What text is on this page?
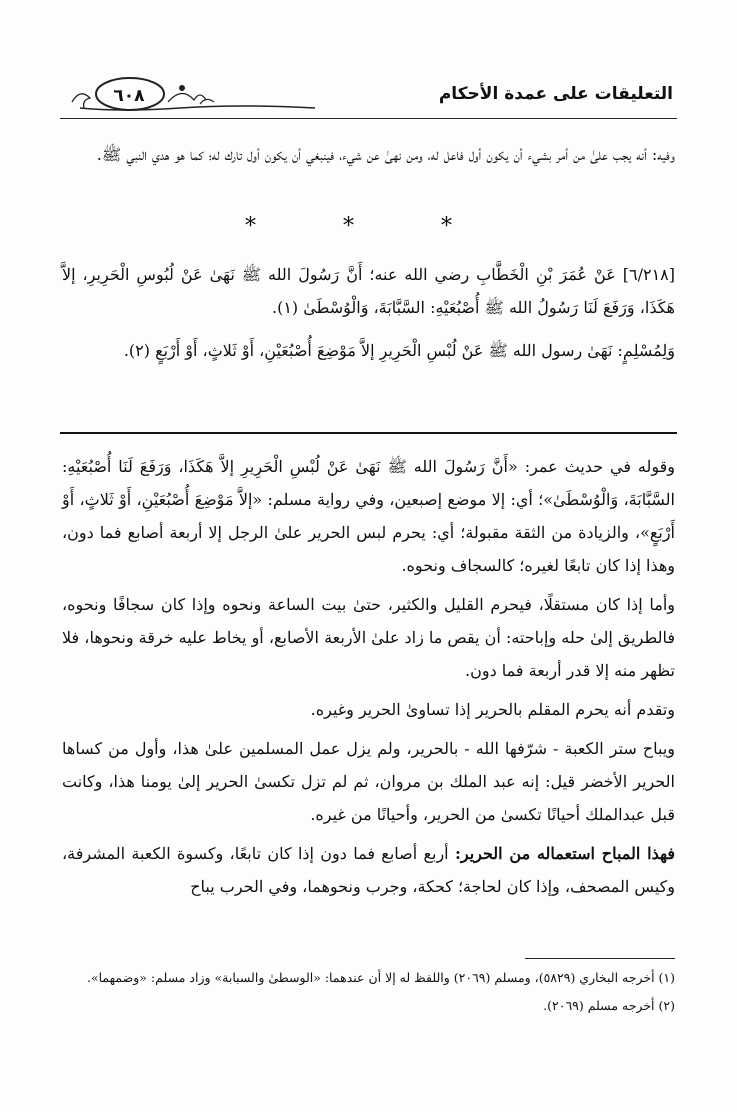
٦٠٨	التعليقات على عمدة الأحكام

وفيه: أنه يجب علىٰ من أمر بشيء أن يكون أول فاعل له، ومن نهىٰ عن شيء، فينبغي أن يكون أول تارك له؛ كما هو هدي النبي ﷺ.

* * *

[٦/٢١٨] عَنْ عُمَرَ بْنِ الْخَطَّابِ رضي الله عنه؛ أَنَّ رَسُولَ الله ﷺ نَهَىٰ عَنْ لُبُوسِ الْحَرِيرِ، إلاَّ هَكَذَا، وَرَفَعَ لَنَا رَسُولُ الله ﷺ أُصْبُعَيْهِ: السَّبَّابَةَ، وَالْوُسْطَىٰ (١).

وَلِمُسْلِمٍ: نَهَىٰ رسول الله ﷺ عَنْ لُبْسِ الْحَرِيرِ إلاَّ مَوْضِعَ أُصْبُعَيْنِ، أَوْ ثَلاثٍ، أَوْ أَرْبَعٍ (٢).

وقوله في حديث عمر: «أَنَّ رَسُولَ الله ﷺ نَهَىٰ عَنْ لُبْسِ الْحَرِيرِ إلاَّ هَكَذَا، وَرَفَعَ لَنَا أُصْبُعَيْهِ: السَّبَّابَةَ، وَالْوُسْطَىٰ»؛ أي: إلا موضع إصبعين، وفي رواية مسلم: «إلاَّ مَوْضِعَ أُصْبُعَيْنِ، أَوْ ثَلاثٍ، أَوْ أَرْبَعٍ»، والزيادة من الثقة مقبولة؛ أي: يحرم لبس الحرير علىٰ الرجل إلا أربعة أصابع فما دون، وهذا إذا كان تابعًا لغيره؛ كالسجاف ونحوه.

وأما إذا كان مستقلًا، فيحرم القليل والكثير، حتىٰ بيت الساعة ونحوه وإذا كان سجافًا ونحوه، فالطريق إلىٰ حله وإباحته: أن يقص ما زاد علىٰ الأربعة الأصابع، أو يخاط عليه خرقة ونحوها، فلا تظهر منه إلا قدر أربعة فما دون.

وتقدم أنه يحرم المقلم بالحرير إذا تساوىٰ الحرير وغيره.

ويباح ستر الكعبة - شرّفها الله - بالحرير، ولم يزل عمل المسلمين علىٰ هذا، وأول من كساها الحرير الأخضر قيل: إنه عبد الملك بن مروان، ثم لم تزل تكسىٰ الحرير إلىٰ يومنا هذا، وكانت قبل عبدالملك أحيانًا تكسىٰ من الحرير، وأحيانًا من غيره.

فهذا المباح استعماله من الحرير: أربع أصابع فما دون إذا كان تابعًا، وكسوة الكعبة المشرفة، وكيس المصحف، وإذا كان لحاجة؛ كحكة، وجرب ونحوهما، وفي الحرب يباح

(١) أخرجه البخاري (٥٨٢٩)، ومسلم (٢٠٦٩) واللفظ له إلا أن عندهما: «الوسطىٰ والسبابة» وزاد مسلم: «وضمهما».

(٢) أخرجه مسلم (٢٠٦٩).
